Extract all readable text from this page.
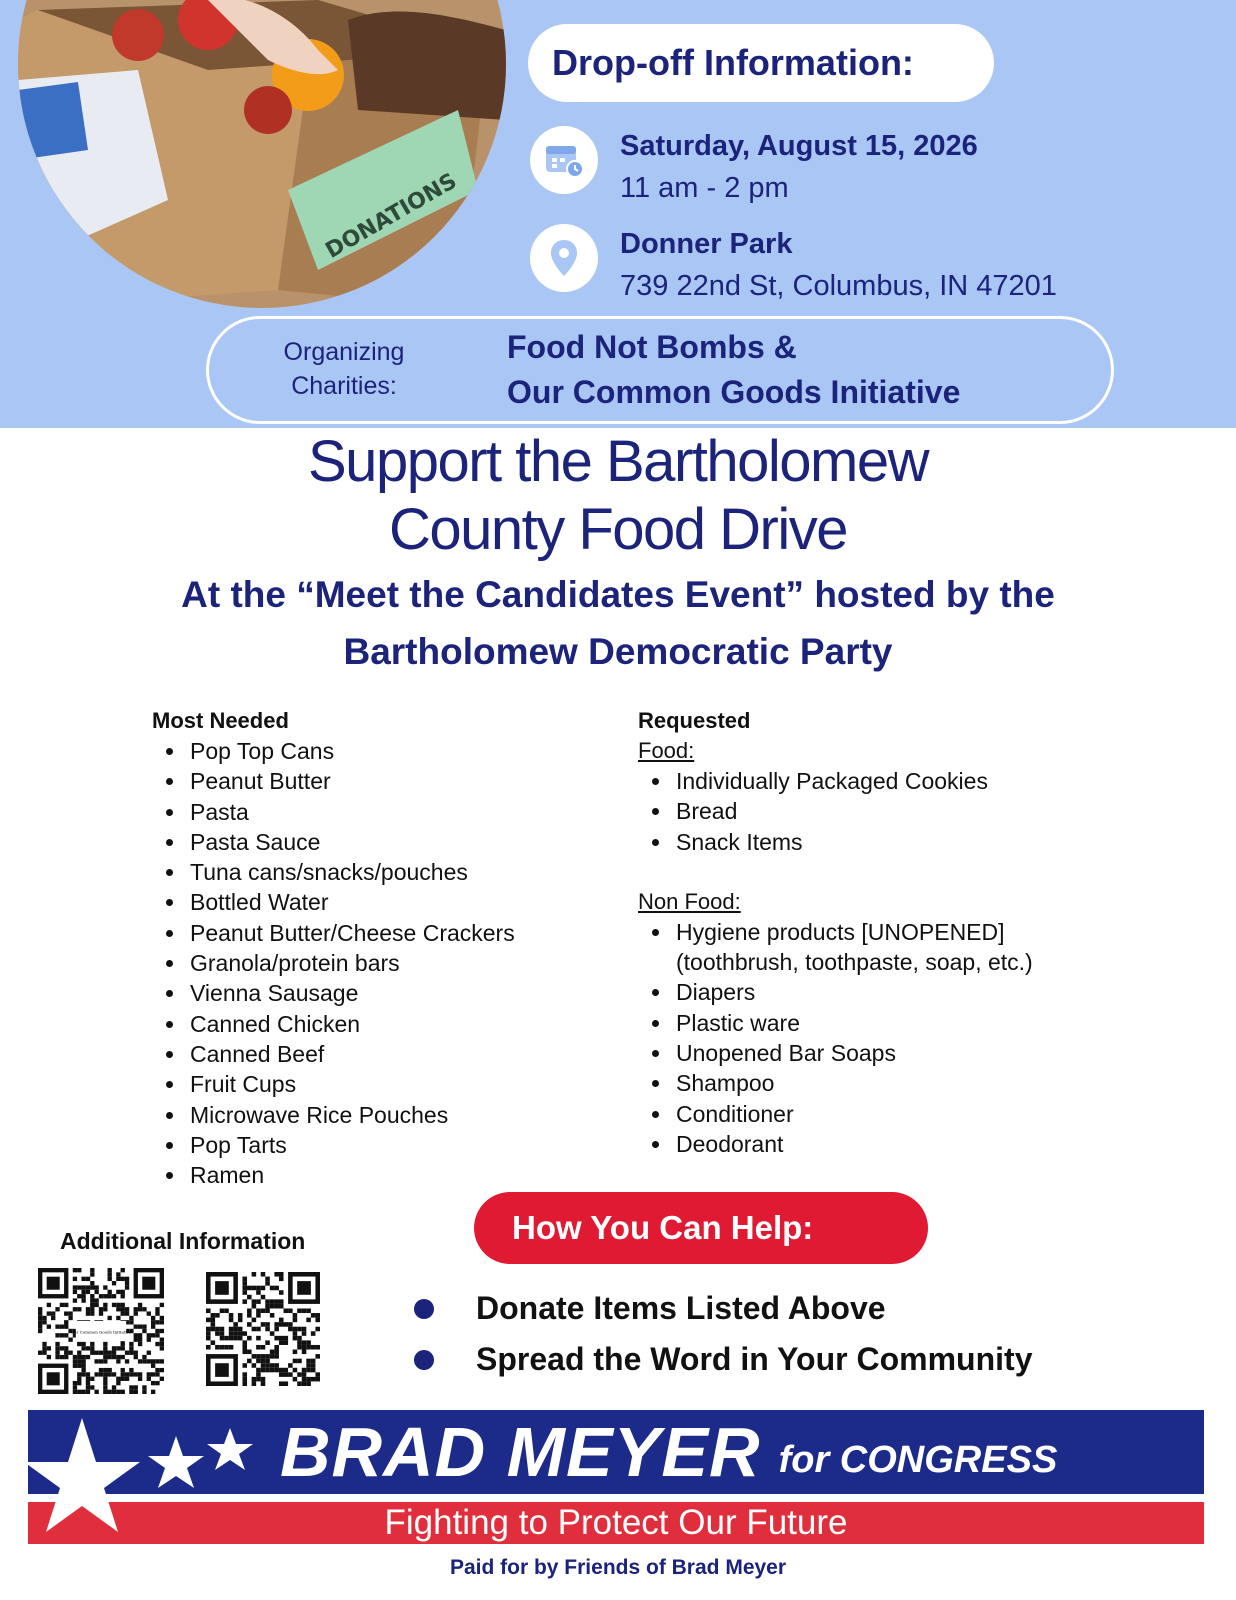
DONATIONS
Drop-off Information:
Saturday, August 15, 2026
11 am - 2 pm
Donner Park
739 22nd St, Columbus, IN 47201
Organizing
Charities:
Food Not Bombs &
Our Common Goods Initiative
Support the Bartholomew
County Food Drive
At the “Meet the Candidates Event” hosted by the
Bartholomew Democratic Party
Most Needed
Pop Top Cans
Peanut Butter
Pasta
Pasta Sauce
Tuna cans/snacks/pouches
Bottled Water
Peanut Butter/Cheese Crackers
Granola/protein bars
Vienna Sausage
Canned Chicken
Canned Beef
Fruit Cups
Microwave Rice Pouches
Pop Tarts
Ramen
Requested
Food:
Individually Packaged Cookies
Bread
Snack Items
Non Food:
Hygiene products [UNOPENED]
(toothbrush, toothpaste, soap, etc.)
Diapers
Plastic ware
Unopened Bar Soaps
Shampoo
Conditioner
Deodorant
Additional Information
Our Common Goods Initiative
How You Can Help:
Donate Items Listed Above
Spread the Word in Your Community
BRAD MEYER for CONGRESS
Fighting to Protect Our Future
Paid for by Friends of Brad Meyer
